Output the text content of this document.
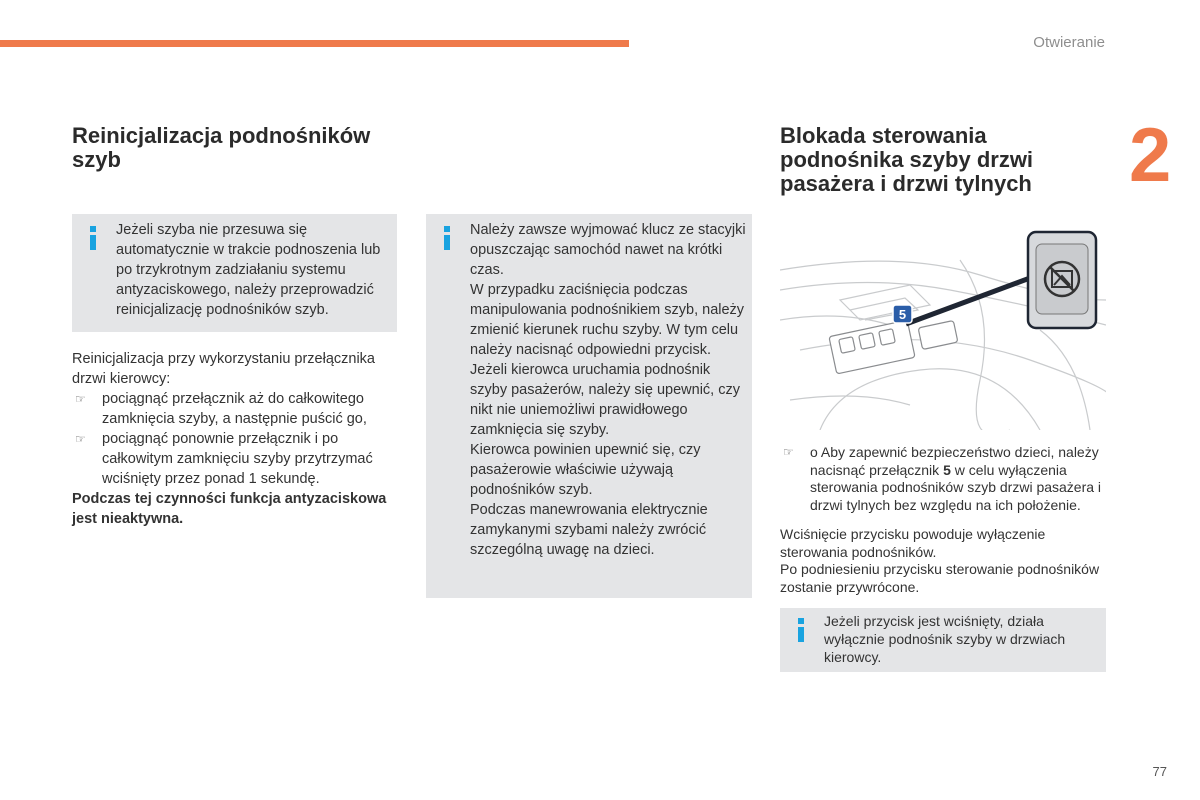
Otwieranie
2
Reinicjalizacja podnośników szyb
Jeżeli szyba nie przesuwa się automatycznie w trakcie podnoszenia lub po trzykrotnym zadziałaniu systemu antyzaciskowego, należy przeprowadzić reinicjalizację podnośników szyb.

Reinicjalizacja przy wykorzystaniu przełącznika drzwi kierowcy:

☞ pociągnąć przełącznik aż do całkowitego zamknięcia szyby, a następnie puścić go,
☞ pociągnąć ponownie przełącznik i po całkowitym zamknięciu szyby przytrzymać wciśnięty przez ponad 1 sekundę.

Podczas tej czynności funkcja antyzaciskowa jest nieaktywna.

Należy zawsze wyjmować klucz ze stacyjki opuszczając samochód nawet na krótki czas.

W przypadku zaciśnięcia podczas manipulowania podnośnikiem szyb, należy zmienić kierunek ruchu szyby. W tym celu należy nacisnąć odpowiedni przycisk.

Jeżeli kierowca uruchamia podnośnik szyby pasażerów, należy się upewnić, czy nikt nie uniemożliwi prawidłowego zamknięcia się szyby.

Kierowca powinien upewnić się, czy pasażerowie właściwie używają podnośników szyb.

Podczas manewrowania elektrycznie zamykanymi szybami należy zwrócić szczególną uwagę na dzieci.

Blokada sterowania podnośnika szyby drzwi pasażera i drzwi tylnych
5
☞ o Aby zapewnić bezpieczeństwo dzieci, należy nacisnąć przełącznik 5 w celu wyłączenia sterowania podnośników szyb drzwi pasażera i drzwi tylnych bez względu na ich położenie.

Wciśnięcie przycisku powoduje wyłączenie sterowania podnośników.

Po podniesieniu przycisku sterowanie podnośników zostanie przywrócone.

Jeżeli przycisk jest wciśnięty, działa wyłącznie podnośnik szyby w drzwiach kierowcy.
77
